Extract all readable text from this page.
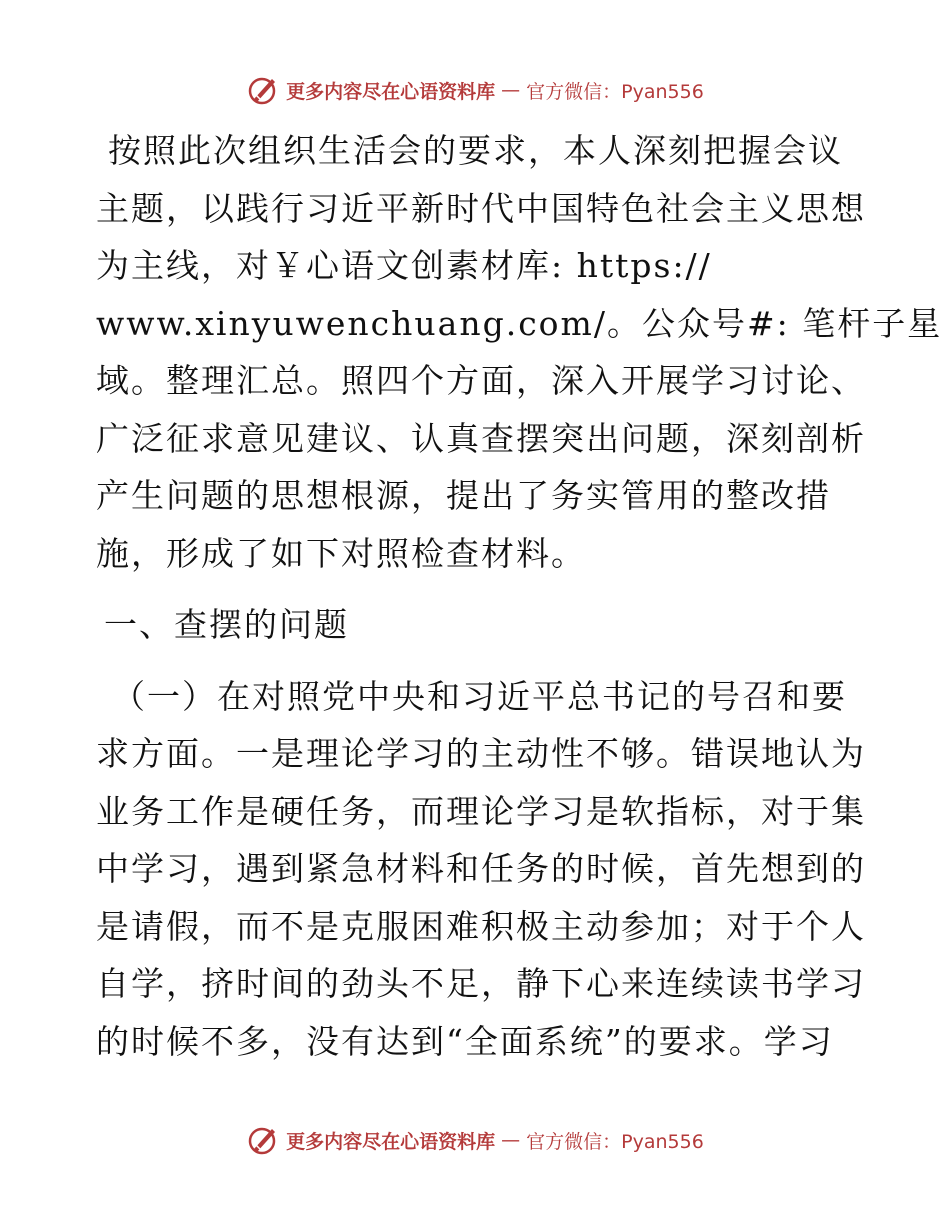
更多内容尽在心语资料库 — 官方微信：Pyan556
按照此次组织生活会的要求，本人深刻把握会议
主题，以践行习近平新时代中国特色社会主义思想
为主线，对￥心语文创素材库: https://
www.xinyuwenchuang.com/。公众号#: 笔杆子星
域。整理汇总。照四个方面，深入开展学习讨论、
广泛征求意见建议、认真查摆突出问题，深刻剖析
产生问题的思想根源，提出了务实管用的整改措
施，形成了如下对照检查材料。
一、查摆的问题
（一）在对照党中央和习近平总书记的号召和要
求方面。一是理论学习的主动性不够。错误地认为
业务工作是硬任务，而理论学习是软指标，对于集
中学习，遇到紧急材料和任务的时候，首先想到的
是请假，而不是克服困难积极主动参加；对于个人
自学，挤时间的劲头不足，静下心来连续读书学习
的时候不多，没有达到“全面系统”的要求。学习
更多内容尽在心语资料库 — 官方微信：Pyan556
